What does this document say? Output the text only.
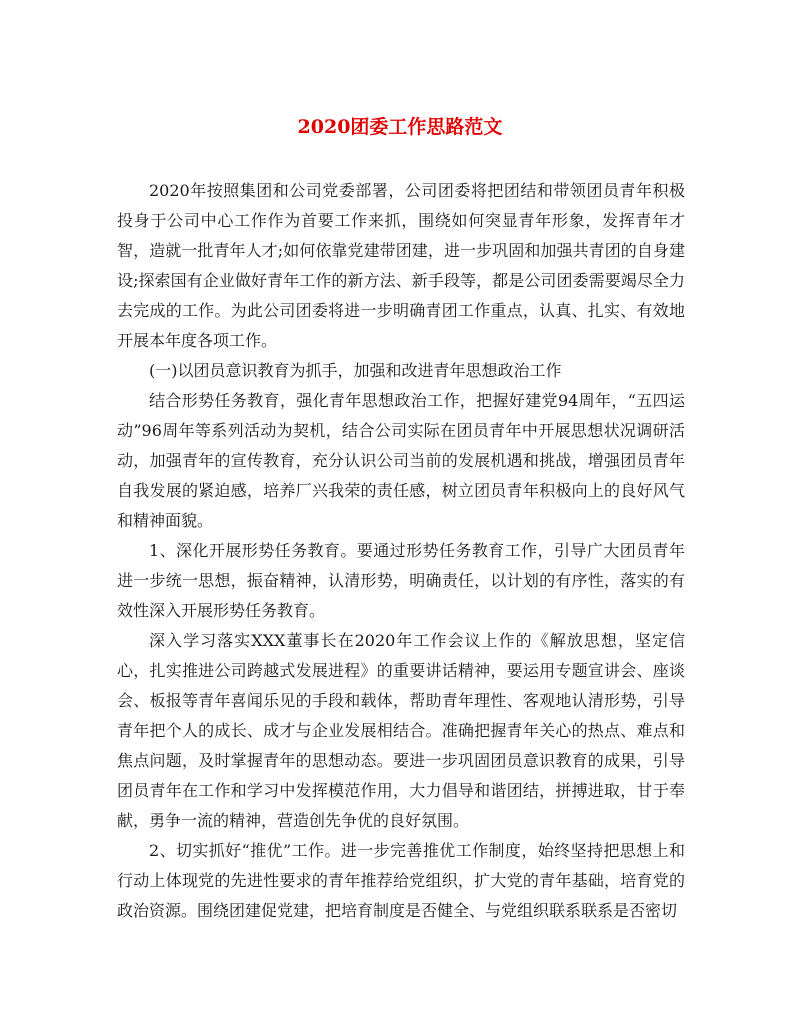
2020团委工作思路范文

2020年按照集团和公司党委部署，公司团委将把团结和带领团员青年积极投身于公司中心工作作为首要工作来抓，围绕如何突显青年形象，发挥青年才智，造就一批青年人才;如何依靠党建带团建，进一步巩固和加强共青团的自身建设;探索国有企业做好青年工作的新方法、新手段等，都是公司团委需要竭尽全力去完成的工作。为此公司团委将进一步明确青团工作重点，认真、扎实、有效地开展本年度各项工作。

(一)以团员意识教育为抓手，加强和改进青年思想政治工作

结合形势任务教育，强化青年思想政治工作，把握好建党94周年，“五四运动”96周年等系列活动为契机，结合公司实际在团员青年中开展思想状况调研活动，加强青年的宣传教育，充分认识公司当前的发展机遇和挑战，增强团员青年自我发展的紧迫感，培养厂兴我荣的责任感，树立团员青年积极向上的良好风气和精神面貌。

1、深化开展形势任务教育。要通过形势任务教育工作，引导广大团员青年进一步统一思想，振奋精神，认清形势，明确责任，以计划的有序性，落实的有效性深入开展形势任务教育。

深入学习落实XXX董事长在2020年工作会议上作的《解放思想，坚定信心，扎实推进公司跨越式发展进程》的重要讲话精神，要运用专题宣讲会、座谈会、板报等青年喜闻乐见的手段和载体，帮助青年理性、客观地认清形势，引导青年把个人的成长、成才与企业发展相结合。准确把握青年关心的热点、难点和焦点问题，及时掌握青年的思想动态。要进一步巩固团员意识教育的成果，引导团员青年在工作和学习中发挥模范作用，大力倡导和谐团结，拼搏进取，甘于奉献，勇争一流的精神，营造创先争优的良好氛围。

2、切实抓好“推优”工作。进一步完善推优工作制度，始终坚持把思想上和行动上体现党的先进性要求的青年推荐给党组织，扩大党的青年基础，培育党的政治资源。围绕团建促党建，把培育制度是否健全、与党组织联系联系是否密切
